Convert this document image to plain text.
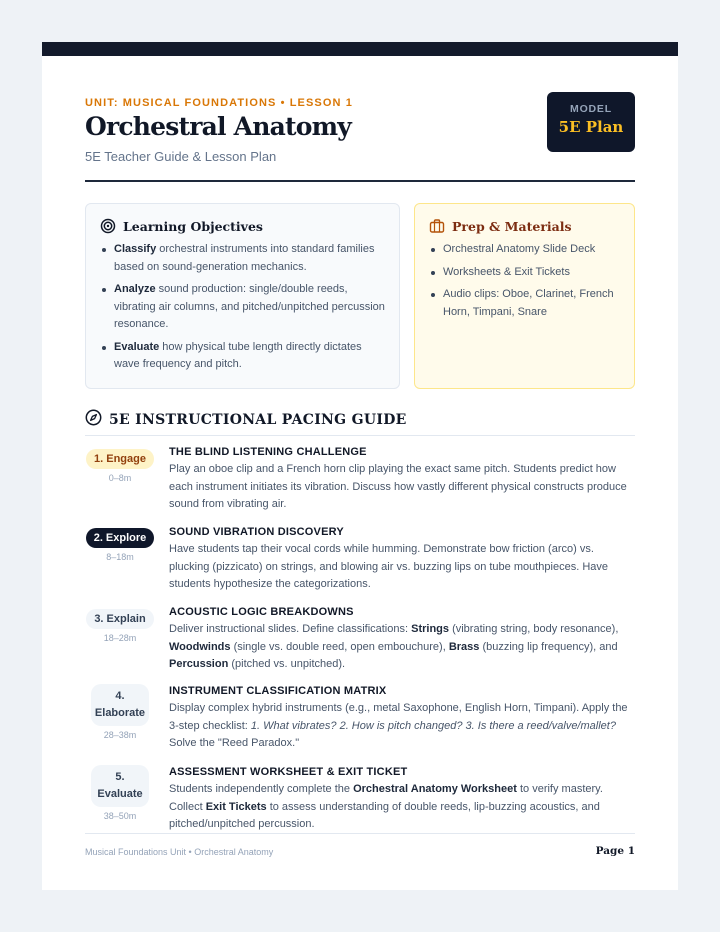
UNIT: MUSICAL FOUNDATIONS • LESSON 1
Orchestral Anatomy
5E Teacher Guide & Lesson Plan
MODEL
5E Plan
Learning Objectives
Classify orchestral instruments into standard families based on sound-generation mechanics.
Analyze sound production: single/double reeds, vibrating air columns, and pitched/unpitched percussion resonance.
Evaluate how physical tube length directly dictates wave frequency and pitch.
Prep & Materials
Orchestral Anatomy Slide Deck
Worksheets & Exit Tickets
Audio clips: Oboe, Clarinet, French Horn, Timpani, Snare
5E INSTRUCTIONAL PACING GUIDE
1. Engage
0–8m
THE BLIND LISTENING CHALLENGE
Play an oboe clip and a French horn clip playing the exact same pitch. Students predict how each instrument initiates its vibration. Discuss how vastly different physical constructs produce sound from vibrating air.
2. Explore
8–18m
SOUND VIBRATION DISCOVERY
Have students tap their vocal cords while humming. Demonstrate bow friction (arco) vs. plucking (pizzicato) on strings, and blowing air vs. buzzing lips on tube mouthpieces. Have students hypothesize the categorizations.
3. Explain
18–28m
ACOUSTIC LOGIC BREAKDOWNS
Deliver instructional slides. Define classifications: Strings (vibrating string, body resonance), Woodwinds (single vs. double reed, open embouchure), Brass (buzzing lip frequency), and Percussion (pitched vs. unpitched).
4. Elaborate
28–38m
INSTRUMENT CLASSIFICATION MATRIX
Display complex hybrid instruments (e.g., metal Saxophone, English Horn, Timpani). Apply the 3-step checklist: 1. What vibrates? 2. How is pitch changed? 3. Is there a reed/valve/mallet? Solve the "Reed Paradox."
5. Evaluate
38–50m
ASSESSMENT WORKSHEET & EXIT TICKET
Students independently complete the Orchestral Anatomy Worksheet to verify mastery. Collect Exit Tickets to assess understanding of double reeds, lip-buzzing acoustics, and pitched/unpitched percussion.
Musical Foundations Unit • Orchestral Anatomy	Page 1
